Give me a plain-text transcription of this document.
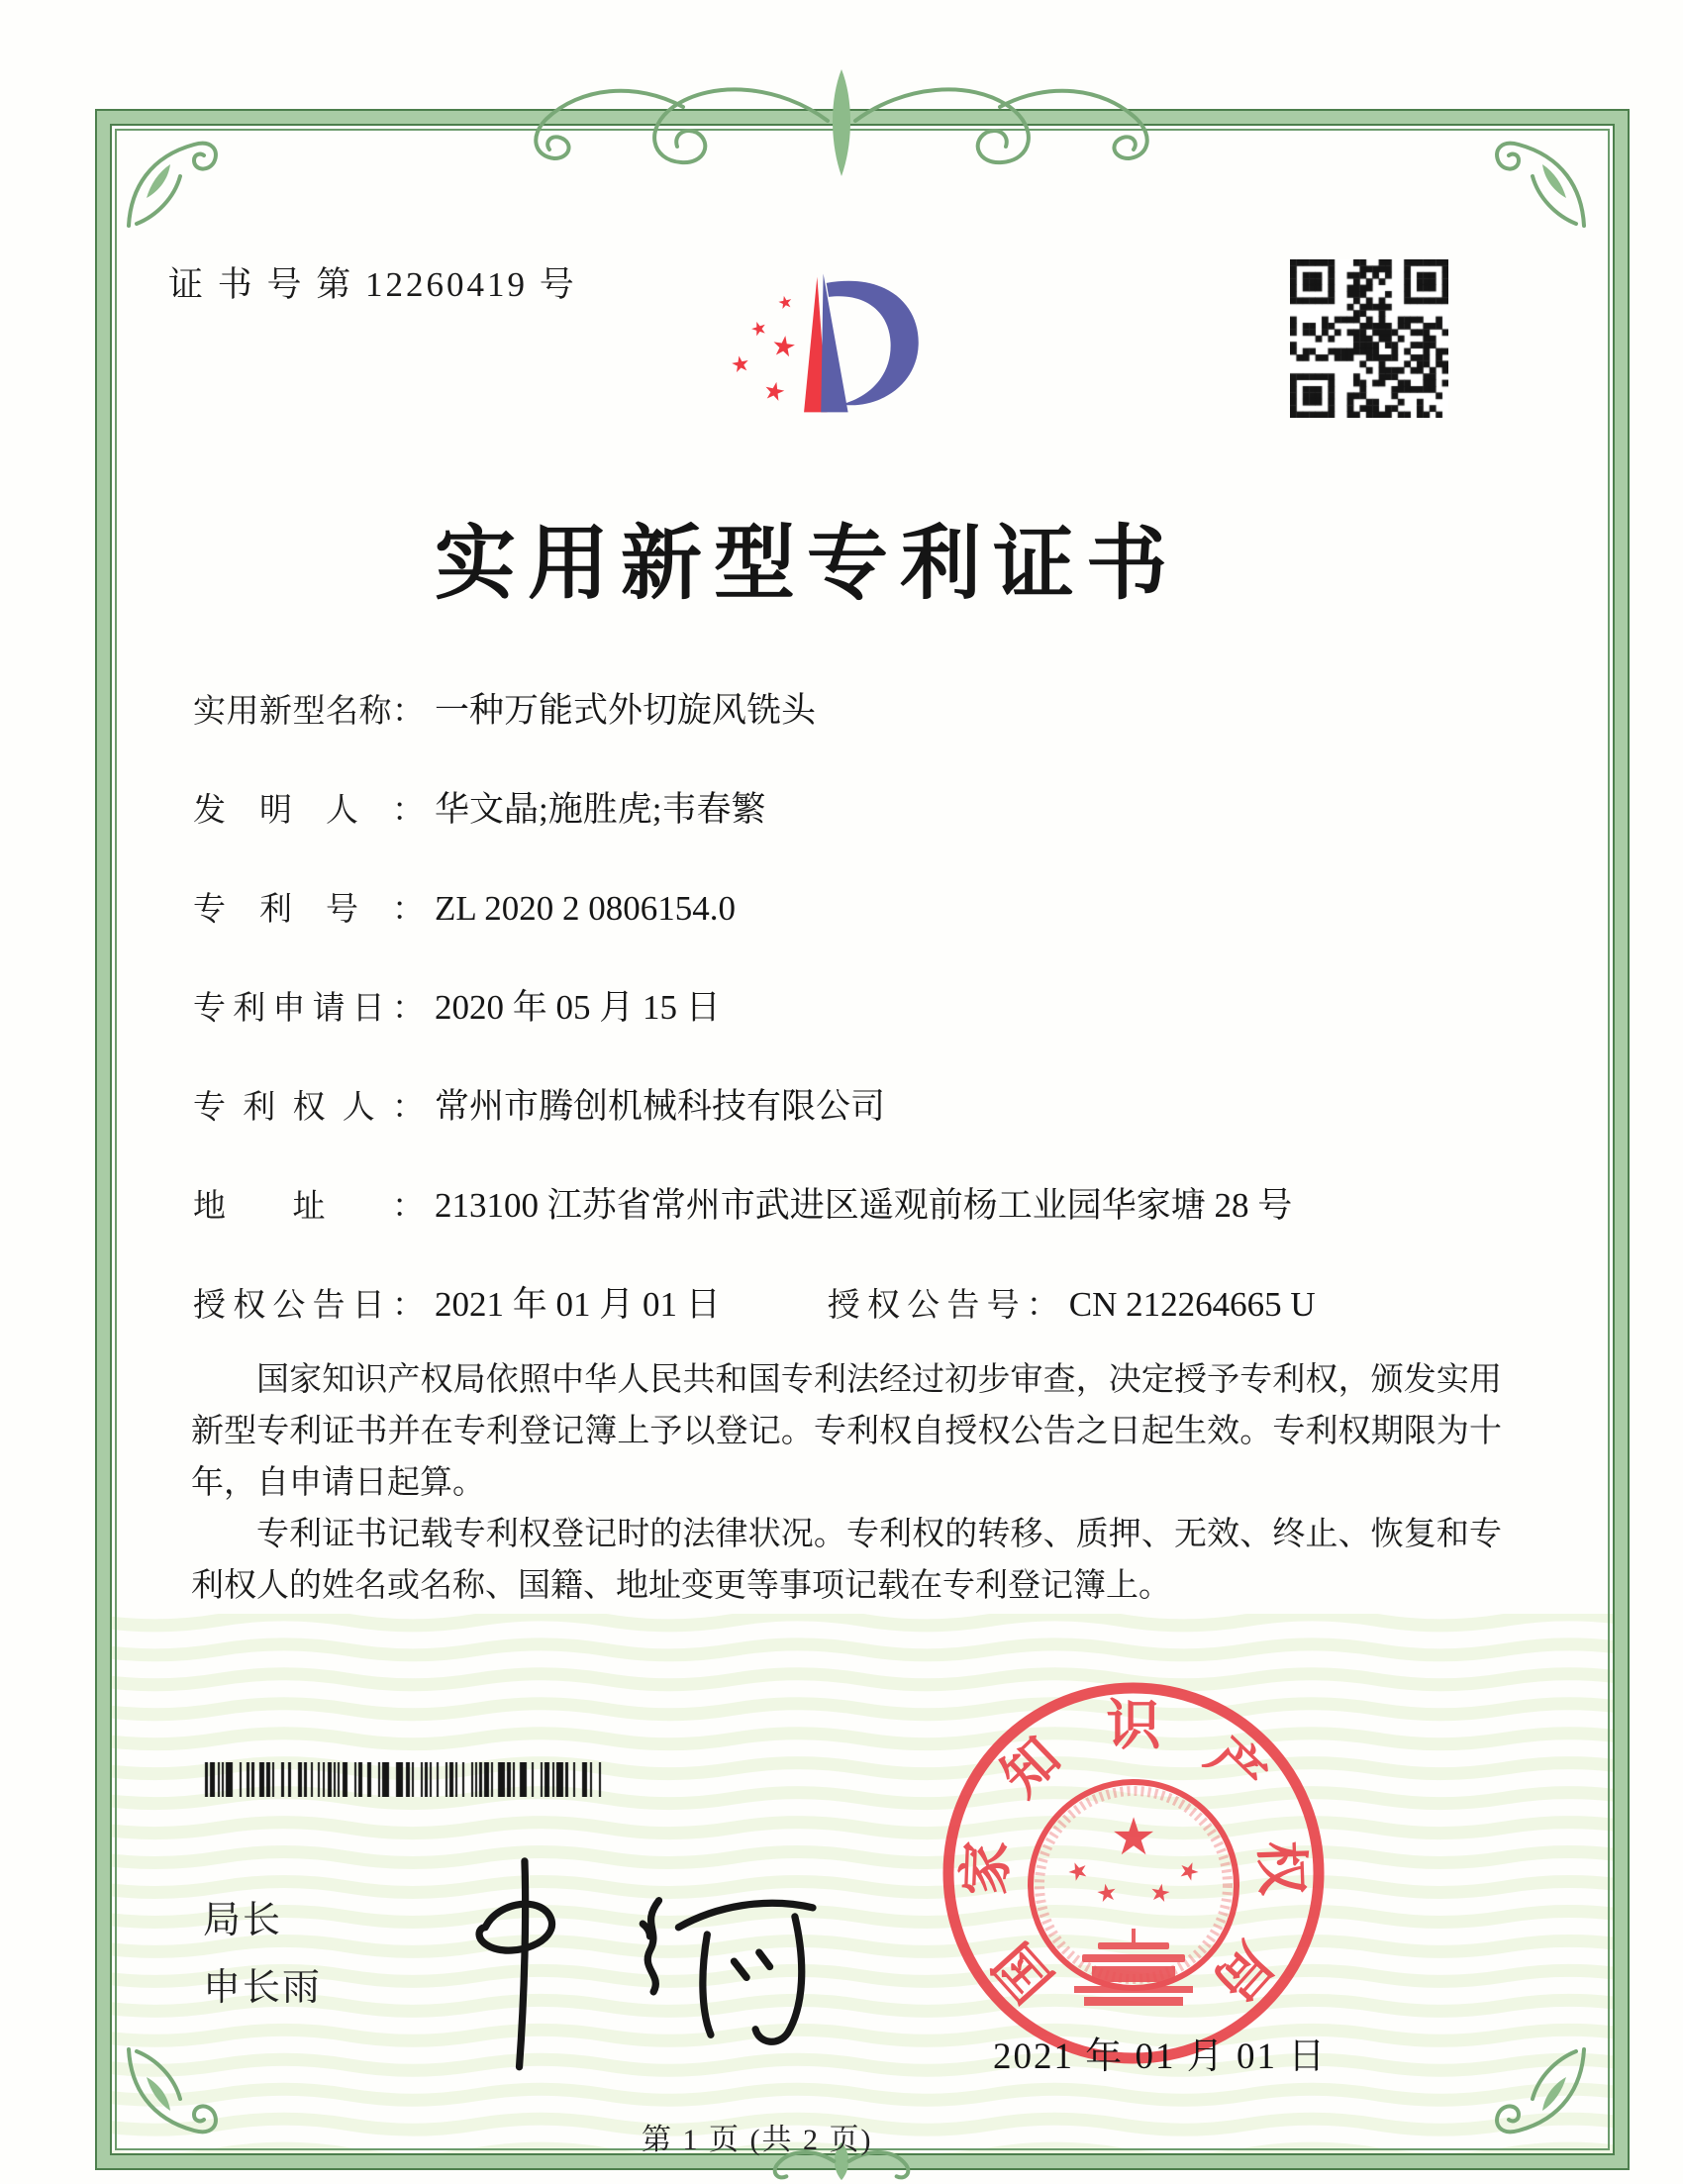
证 书 号 第 12260419 号	★
★
★
★
★
实用新型专利证书
实用新型名称： 一种万能式外切旋风铣头
发明人： 华文晶;施胜虎;韦春繁
专利号： ZL 2020 2 0806154.0
专利申请日： 2020 年 05 月 15 日
专利权人： 常州市腾创机械科技有限公司
地址： 213100 江苏省常州市武进区遥观前杨工业园华家塘 28 号
授权公告日： 2021 年 01 月 01 日	授权公告号： CN 212264665 U

国家知识产权局依照中华人民共和国专利法经过初步审查，决定授予专利权，颁发实用新型专利证书并在专利登记簿上予以登记。专利权自授权公告之日起生效。专利权期限为十年，自申请日起算。

专利证书记载专利权登记时的法律状况。专利权的转移、质押、无效、终止、恢复和专利权人的姓名或名称、国籍、地址变更等事项记载在专利登记簿上。

局长
申长雨	国
家
知
识
产
权
局
★
★
★ ★
★
2021 年 01 月 01 日
第 1 页 (共 2 页)
